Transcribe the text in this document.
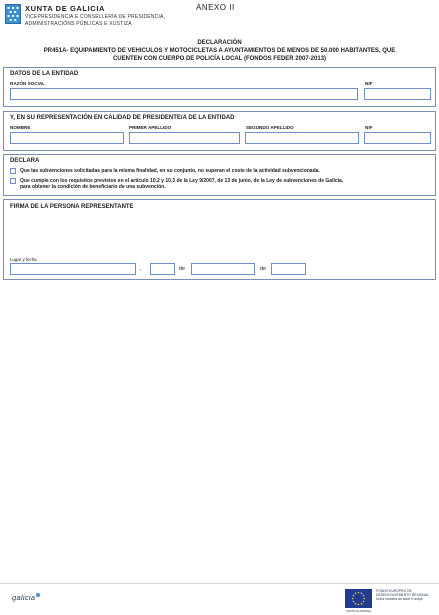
XUNTA DE GALICIA
VICEPRESIDENCIA E CONSELLERÍA DE PRESIDENCIA,
ADMINISTRACIÓNS PÚBLICAS E XUSTIZA
ANEXO II
DECLARACIÓN
PR451A- EQUIPAMIENTO DE VEHICULOS Y MOTOCICLETAS A AYUNTAMIENTOS DE MENOS DE 50.000 HABITANTES, QUE
CUENTEN CON CUERPO DE POLICÍA LOCAL (FONDOS FEDER 2007-2013)
DATOS DE LA ENTIDAD
RAZÓN SOCIAL	NIF
Y, EN SU REPRESENTACIÓN EN CALIDAD DE PRESIDENTE/A DE LA ENTIDAD
NOMBRE	PRIMER APELLIDO	SEGUNDO APELLIDO	NIF
DECLARA
Que las subvenciones solicitadas para la misma finalidad, en su conjunto, no superan el coste de la actividad subvencionada.
Que cumple con los requisitos previstos en el artículo 10.2 y 10.3 de la Ley 9/2007, de 13 de junio, de la Ley de subvenciones de Galicia,
para obtener la condición de beneficiario de una subvención.
FIRMA DE LA PERSONA REPRESENTANTE
Lugar y fecha
,	de	de
galicia
FONDO EUROPEO DE
DESENVOLVEMENTO REXIONAL
Unha maneira de facer Europa
UNIÓN EUROPEA
